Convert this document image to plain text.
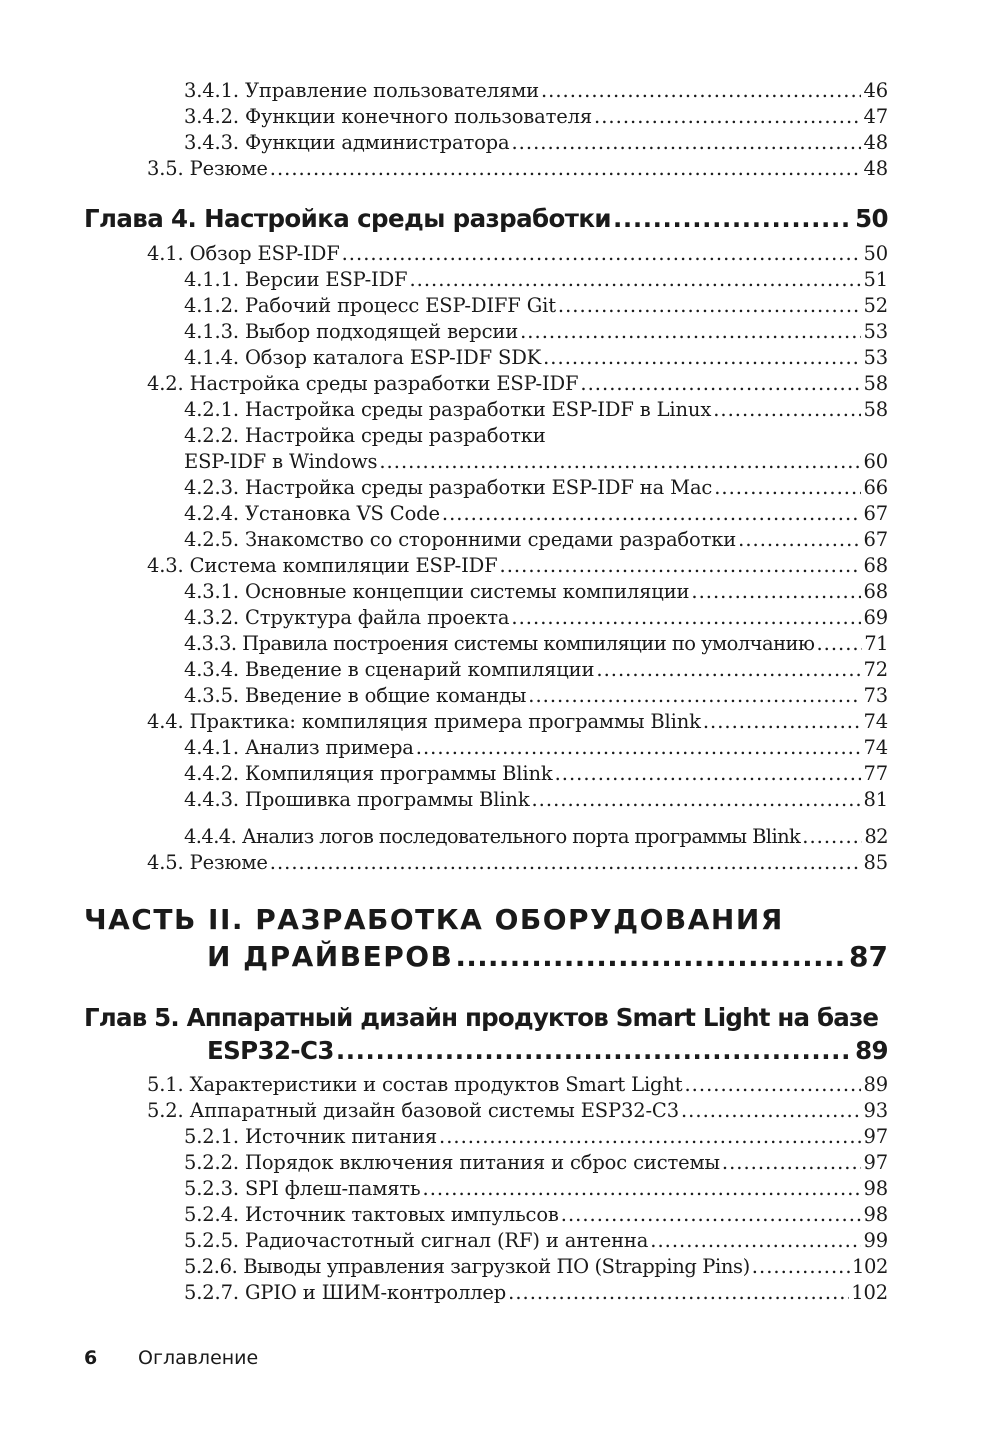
3.4.1. Управление пользователями .....	46
3.4.2. Функции конечного пользователя .....	47
3.4.3. Функции администратора .....	48
3.5. Резюме .....	48
Глава 4. Настройка среды разработки .....	50
4.1. Обзор ESP-IDF .....	50
4.1.1. Версии ESP-IDF .....	51
4.1.2. Рабочий процесс ESP-DIFF Git .....	52
4.1.3. Выбор подходящей версии .....	53
4.1.4. Обзор каталога ESP-IDF SDK .....	53
4.2. Настройка среды разработки ESP-IDF .....	58
4.2.1. Настройка среды разработки ESP-IDF в Linux .....	58
4.2.2. Настройка среды разработки
ESP-IDF в Windows .....	60
4.2.3. Настройка среды разработки ESP-IDF на Mac .....	66
4.2.4. Установка VS Code .....	67
4.2.5. Знакомство со сторонними средами разработки .....	67
4.3. Система компиляции ESP-IDF .....	68
4.3.1. Основные концепции системы компиляции .....	68
4.3.2. Структура файла проекта .....	69
4.3.3. Правила построения системы компиляции по умолчанию .....	71
4.3.4. Введение в сценарий компиляции .....	72
4.3.5. Введение в общие команды .....	73
4.4. Практика: компиляция примера программы Blink .....	74
4.4.1. Анализ примера .....	74
4.4.2. Компиляция программы Blink .....	77
4.4.3. Прошивка программы Blink .....	81
4.4.4. Анализ логов последовательного порта программы Blink .....	82
4.5. Резюме .....	85
ЧАСТЬ II. РАЗРАБОТКА ОБОРУДОВАНИЯ
И ДРАЙВЕРОВ .....	87
Глав 5. Аппаратный дизайн продуктов Smart Light на базе
ESP32-C3 .....	89
5.1. Характеристики и состав продуктов Smart Light .....	89
5.2. Аппаратный дизайн базовой системы ESP32-C3 .....	93
5.2.1. Источник питания .....	97
5.2.2. Порядок включения питания и сброс системы .....	97
5.2.3. SPI флеш-память .....	98
5.2.4. Источник тактовых импульсов .....	98
5.2.5. Радиочастотный сигнал (RF) и антенна .....	99
5.2.6. Выводы управления загрузкой ПО (Strapping Pins) .....	102
5.2.7. GPIO и ШИМ-контроллер .....	102
6 Оглавление
